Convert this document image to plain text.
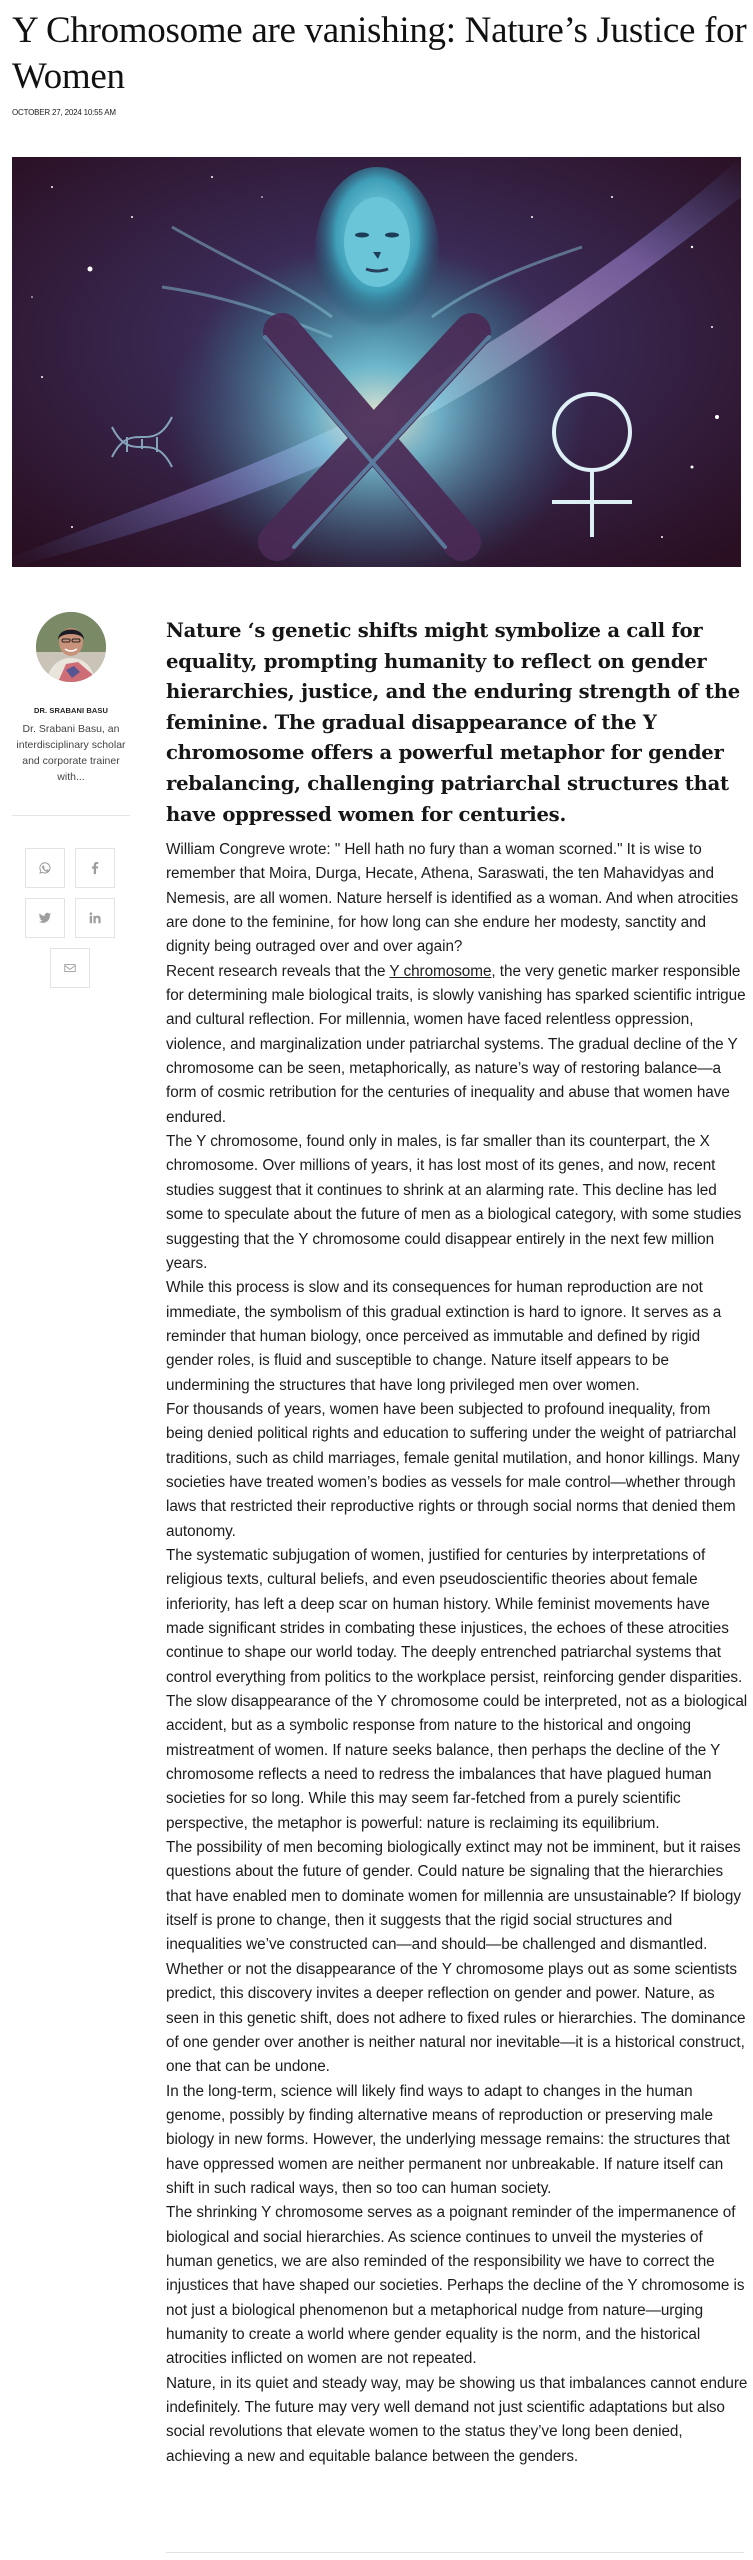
Y Chromosome are vanishing: Nature’s Justice for Women
OCTOBER 27, 2024 10:55 AM
DR. SRABANI BASU
Dr. Srabani Basu, an interdisciplinary scholar and corporate trainer with...
Nature ‘s genetic shifts might symbolize a call for equality, prompting humanity to reflect on gender hierarchies, justice, and the enduring strength of the feminine. The gradual disappearance of the Y chromosome offers a powerful metaphor for gender rebalancing, challenging patriarchal structures that have oppressed women for centuries.

William Congreve wrote: " Hell hath no fury than a woman scorned." It is wise to remember that Moira, Durga, Hecate, Athena, Saraswati, the ten Mahavidyas and Nemesis, are all women. Nature herself is identified as a woman. And when atrocities are done to the feminine, for how long can she endure her modesty, sanctity and dignity being outraged over and over again?

Recent research reveals that the Y chromosome, the very genetic marker responsible for determining male biological traits, is slowly vanishing has sparked scientific intrigue and cultural reflection. For millennia, women have faced relentless oppression, violence, and marginalization under patriarchal systems. The gradual decline of the Y chromosome can be seen, metaphorically, as nature’s way of restoring balance—a form of cosmic retribution for the centuries of inequality and abuse that women have endured.

The Y chromosome, found only in males, is far smaller than its counterpart, the X chromosome. Over millions of years, it has lost most of its genes, and now, recent studies suggest that it continues to shrink at an alarming rate. This decline has led some to speculate about the future of men as a biological category, with some studies suggesting that the Y chromosome could disappear entirely in the next few million years.

While this process is slow and its consequences for human reproduction are not immediate, the symbolism of this gradual extinction is hard to ignore. It serves as a reminder that human biology, once perceived as immutable and defined by rigid gender roles, is fluid and susceptible to change. Nature itself appears to be undermining the structures that have long privileged men over women.

For thousands of years, women have been subjected to profound inequality, from being denied political rights and education to suffering under the weight of patriarchal traditions, such as child marriages, female genital mutilation, and honor killings. Many societies have treated women’s bodies as vessels for male control—whether through laws that restricted their reproductive rights or through social norms that denied them autonomy.

The systematic subjugation of women, justified for centuries by interpretations of religious texts, cultural beliefs, and even pseudoscientific theories about female inferiority, has left a deep scar on human history. While feminist movements have made significant strides in combating these injustices, the echoes of these atrocities continue to shape our world today. The deeply entrenched patriarchal systems that control everything from politics to the workplace persist, reinforcing gender disparities.

The slow disappearance of the Y chromosome could be interpreted, not as a biological accident, but as a symbolic response from nature to the historical and ongoing mistreatment of women. If nature seeks balance, then perhaps the decline of the Y chromosome reflects a need to redress the imbalances that have plagued human societies for so long. While this may seem far-fetched from a purely scientific perspective, the metaphor is powerful: nature is reclaiming its equilibrium.

The possibility of men becoming biologically extinct may not be imminent, but it raises questions about the future of gender. Could nature be signaling that the hierarchies that have enabled men to dominate women for millennia are unsustainable? If biology itself is prone to change, then it suggests that the rigid social structures and inequalities we’ve constructed can—and should—be challenged and dismantled.

Whether or not the disappearance of the Y chromosome plays out as some scientists predict, this discovery invites a deeper reflection on gender and power. Nature, as seen in this genetic shift, does not adhere to fixed rules or hierarchies. The dominance of one gender over another is neither natural nor inevitable—it is a historical construct, one that can be undone.

In the long-term, science will likely find ways to adapt to changes in the human genome, possibly by finding alternative means of reproduction or preserving male biology in new forms. However, the underlying message remains: the structures that have oppressed women are neither permanent nor unbreakable. If nature itself can shift in such radical ways, then so too can human society.

The shrinking Y chromosome serves as a poignant reminder of the impermanence of biological and social hierarchies. As science continues to unveil the mysteries of human genetics, we are also reminded of the responsibility we have to correct the injustices that have shaped our societies. Perhaps the decline of the Y chromosome is not just a biological phenomenon but a metaphorical nudge from nature—urging humanity to create a world where gender equality is the norm, and the historical atrocities inflicted on women are not repeated.

Nature, in its quiet and steady way, may be showing us that imbalances cannot endure indefinitely. The future may very well demand not just scientific adaptations but also social revolutions that elevate women to the status they’ve long been denied, achieving a new and equitable balance between the genders.
